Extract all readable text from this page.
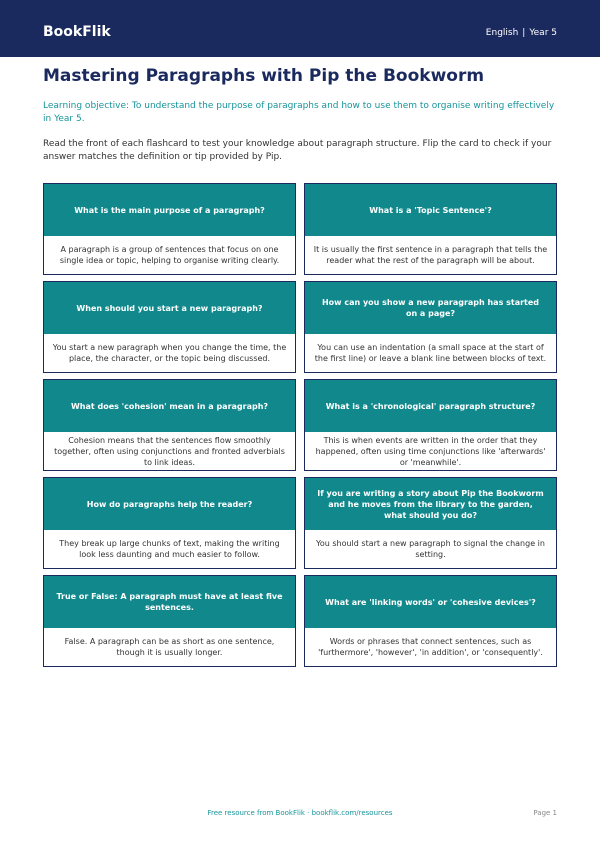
BookFlik	English | Year 5
Mastering Paragraphs with Pip the Bookworm

Learning objective: To understand the purpose of paragraphs and how to use them to organise writing effectively in Year 5.

Read the front of each flashcard to test your knowledge about paragraph structure. Flip the card to check if your answer matches the definition or tip provided by Pip.

What is the main purpose of a paragraph?
A paragraph is a group of sentences that focus on one single idea or topic, helping to organise writing clearly.
What is a 'Topic Sentence'?
It is usually the first sentence in a paragraph that tells the reader what the rest of the paragraph will be about.
When should you start a new paragraph?
You start a new paragraph when you change the time, the place, the character, or the topic being discussed.
How can you show a new paragraph has started on a page?
You can use an indentation (a small space at the start of the first line) or leave a blank line between blocks of text.
What does 'cohesion' mean in a paragraph?
Cohesion means that the sentences flow smoothly together, often using conjunctions and fronted adverbials to link ideas.
What is a 'chronological' paragraph structure?
This is when events are written in the order that they happened, often using time conjunctions like 'afterwards' or 'meanwhile'.
How do paragraphs help the reader?
They break up large chunks of text, making the writing look less daunting and much easier to follow.
If you are writing a story about Pip the Bookworm and he moves from the library to the garden, what should you do?
You should start a new paragraph to signal the change in setting.
True or False: A paragraph must have at least five sentences.
False. A paragraph can be as short as one sentence, though it is usually longer.
What are 'linking words' or 'cohesive devices'?
Words or phrases that connect sentences, such as 'furthermore', 'however', 'in addition', or 'consequently'.
Free resource from BookFlik · bookflik.com/resources	Page 1
